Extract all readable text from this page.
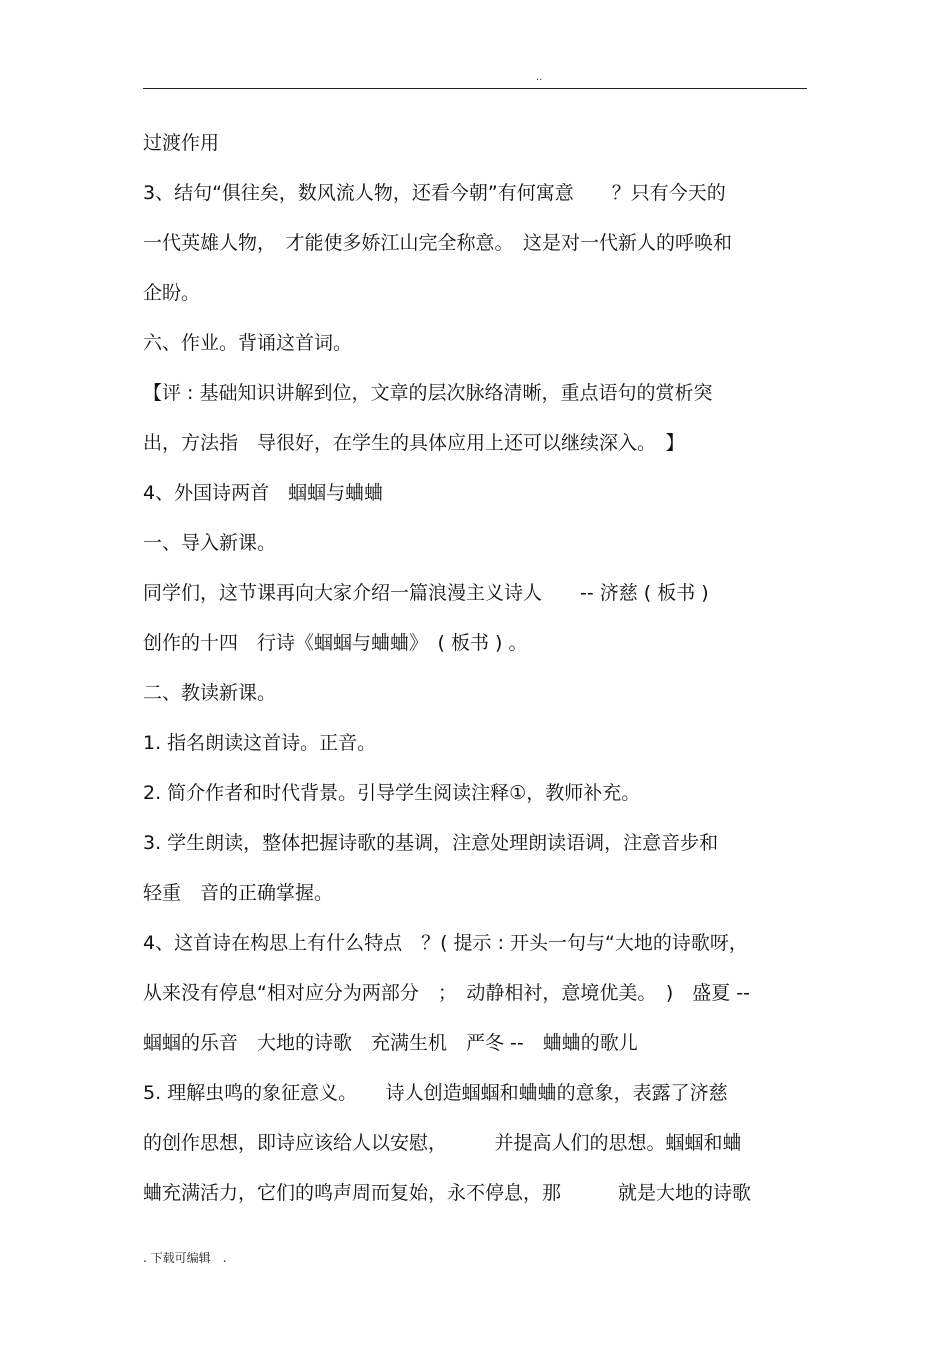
..
过渡作用
3、结句“俱往矣，数风流人物，还看今朝”有何寓意　　？只有今天的
一代英雄人物，　才能使多娇江山完全称意。　这是对一代新人的呼唤和
企盼。
六、作业。背诵这首词。
【评 : 基础知识讲解到位，文章的层次脉络清晰，重点语句的赏析突
出，方法指　导很好，在学生的具体应用上还可以继续深入。　】
4、外国诗两首　蝈蝈与蛐蛐
一、导入新课。
同学们，这节课再向大家介绍一篇浪漫主义诗人　　-- 济慈 ( 板书 )
创作的十四　行诗《蝈蝈与蛐蛐》　( 板书 ) 。
二、教读新课。
1. 指名朗读这首诗。正音。
2. 简介作者和时代背景。引导学生阅读注释①，教师补充。
3. 学生朗读，整体把握诗歌的基调，注意处理朗读语调，注意音步和
轻重　音的正确掌握。
4、这首诗在构思上有什么特点　？( 提示 : 开头一句与“大地的诗歌呀，
从来没有停息“相对应分为两部分　；　动静相衬，意境优美。　)　盛夏 --
蝈蝈的乐音　大地的诗歌　充满生机　严冬 --　蛐蛐的歌儿
5. 理解虫鸣的象征意义。　　诗人创造蝈蝈和蛐蛐的意象，表露了济慈
的创作思想，即诗应该给人以安慰，　　　并提高人们的思想。蝈蝈和蛐
蛐充满活力，它们的鸣声周而复始，永不停息，那　　　就是大地的诗歌
. 下载可编辑　.
